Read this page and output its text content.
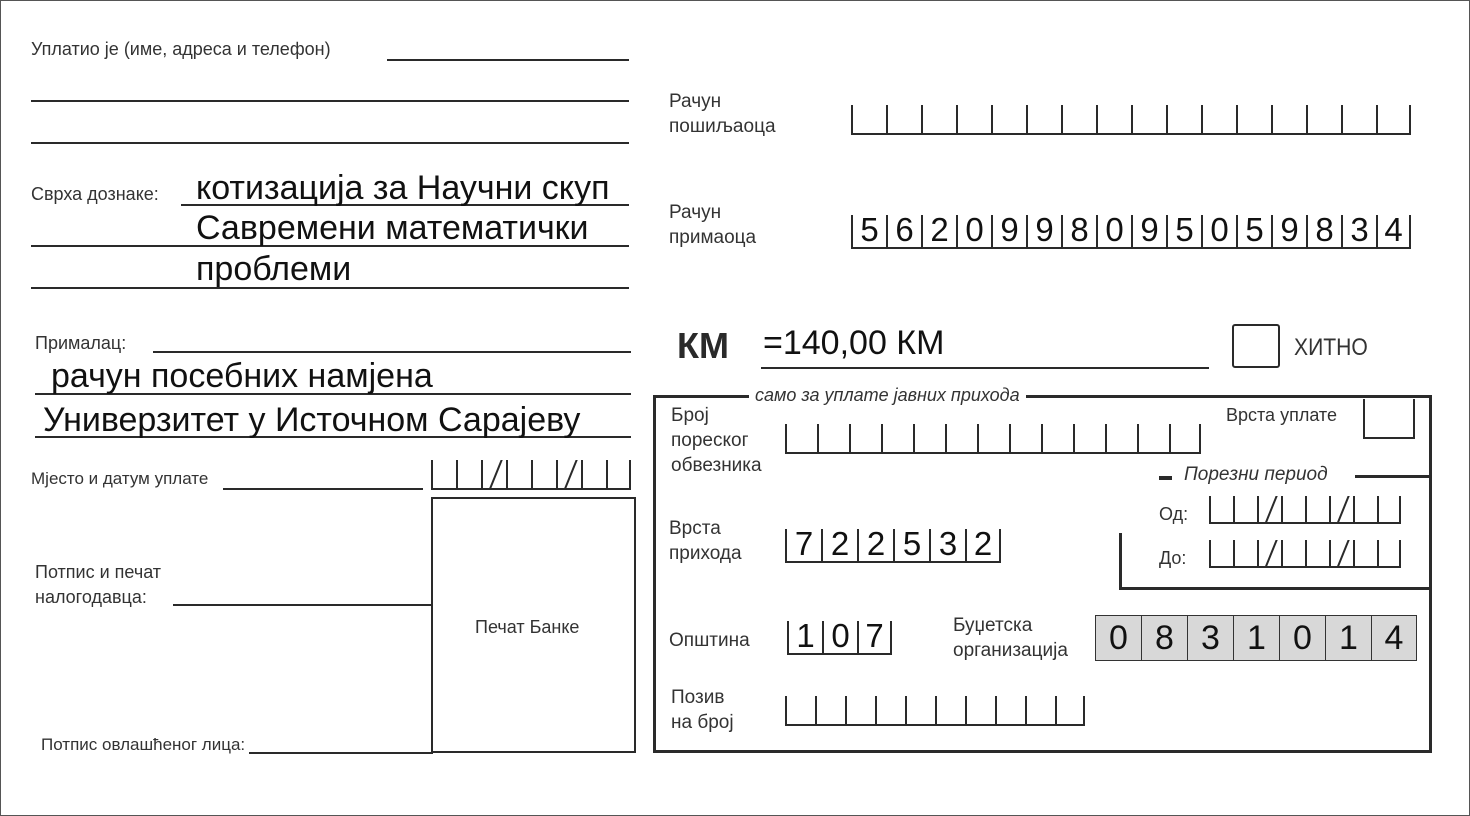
Уплатио је (име, адреса и телефон)
Сврха дознаке: котизација за Научни скуп
Савремени математички
проблеми
Прималац:
рачун посебних намјена
Универзитет у Источном Сарајеву
Мјесто и датум уплате
Потпис и печат
налогодавца:
Печат Банке
Потпис овлашћеног лица:
Рачун
пошиљаоца
Рачун
примаоца	5 6 2 0 9 9 8 0 9 5 0 5 9 8 3 4
КМ =140,00 КМ	ХИТНО
само за уплате јавних прихода
Број
пореског
обвезника
Врста уплате
Порезни период
Од:
До:
Врста
прихода 7 2 2 5 3 2
Општина 1 0 7	Буџетска
организација	0 8 3 1 0 1 4
Позив
на број
